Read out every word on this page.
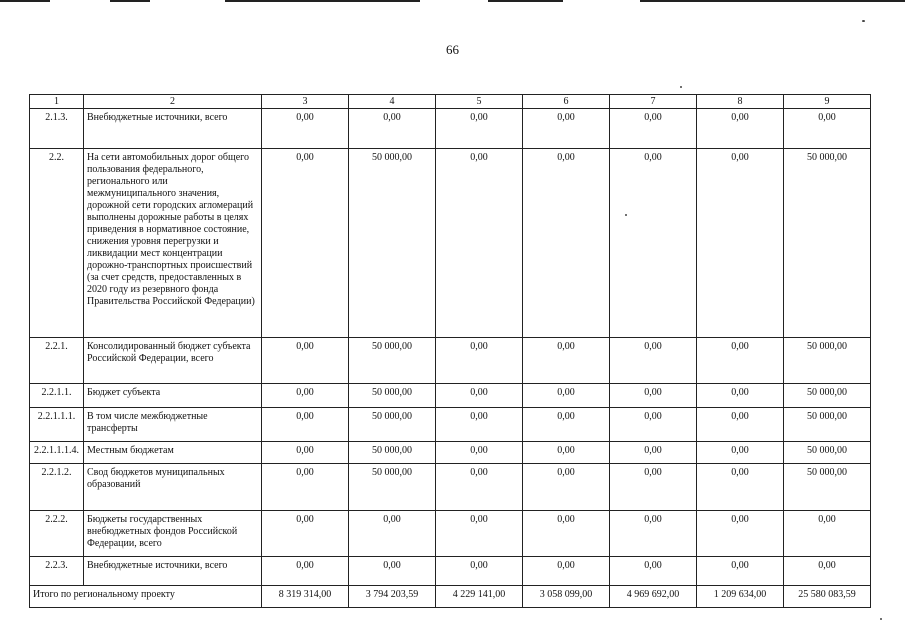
66
1	2	3	4	5	6	7	8	9
2.1.3.	Внебюджетные источники, всего	0,00	0,00	0,00	0,00	0,00	0,00	0,00
2.2.	На сети автомобильных дорог общего пользования федерального, регионального или межмуниципального значения, дорожной сети городских агломераций выполнены дорожные работы в целях приведения в нормативное состояние, снижения уровня перегрузки и ликвидации мест концентрации дорожно-транспортных происшествий (за счет средств, предоставленных в 2020 году из резервного фонда Правительства Российской Федерации)	0,00	50 000,00	0,00	0,00	0,00	0,00	50 000,00
2.2.1.	Консолидированный бюджет субъекта Российской Федерации, всего	0,00	50 000,00	0,00	0,00	0,00	0,00	50 000,00
2.2.1.1.	Бюджет субъекта	0,00	50 000,00	0,00	0,00	0,00	0,00	50 000,00
2.2.1.1.1.	В том числе межбюджетные трансферты	0,00	50 000,00	0,00	0,00	0,00	0,00	50 000,00
2.2.1.1.1.4.	Местным бюджетам	0,00	50 000,00	0,00	0,00	0,00	0,00	50 000,00
2.2.1.2.	Свод бюджетов муниципальных образований	0,00	50 000,00	0,00	0,00	0,00	0,00	50 000,00
2.2.2.	Бюджеты государственных внебюджетных фондов Российской Федерации, всего	0,00	0,00	0,00	0,00	0,00	0,00	0,00
2.2.3.	Внебюджетные источники, всего	0,00	0,00	0,00	0,00	0,00	0,00	0,00
Итого по региональному проекту		8 319 314,00	3 794 203,59	4 229 141,00	3 058 099,00	4 969 692,00	1 209 634,00	25 580 083,59
